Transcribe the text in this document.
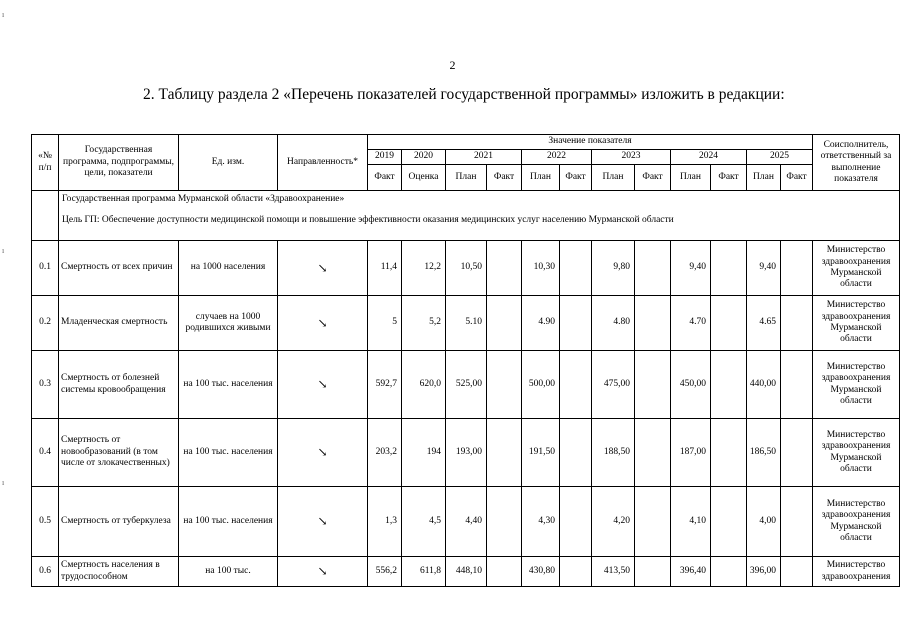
2
2. Таблицу раздела 2 «Перечень показателей государственной программы» изложить в редакции:
ı
ı
ı
«№ п/п	Государственная программа, подпрограммы, цели, показатели	Ед. изм.	Направленность*	Значение показателя												Соисполнитель, ответственный за выполнение показателя
				2019	2020	2021		2022		2023		2024		2025		
				Факт	Оценка	План	Факт	План	Факт	План	Факт	План	Факт	План	Факт	

	Государственная программа Мурманской области «Здравоохранение»
Цель ГП: Обеспечение доступности медицинской помощи и повышение эффективности оказания медицинских услуг населению Мурманской области															

0.1	Смертность от всех причин	на 1000 населения	↘	11,4	12,2	10,50		10,30		9,80		9,40		9,40		Министерство здравоохранения Мурманской области
0.2	Младенческая смертность	случаев на 1000 родившихся живыми	↘	5	5,2	5.10		4.90		4.80		4.70		4.65		Министерство здравоохранения Мурманской области
0.3	Смертность от болезней системы кровообращения	на 100 тыс. населения	↘	592,7	620,0	525,00		500,00		475,00		450,00		440,00		Министерство здравоохранения Мурманской области
0.4	Смертность от новообразований (в том числе от злокачественных)	на 100 тыс. населения	↘	203,2	194	193,00		191,50		188,50		187,00		186,50		Министерство здравоохранения Мурманской области
0.5	Смертность от туберкулеза	на 100 тыс. населения	↘	1,3	4,5	4,40		4,30		4,20		4,10		4,00		Министерство здравоохранения Мурманской области
0.6	Смертность населения в трудоспособном	на 100 тыс.	↘	556,2	611,8	448,10		430,80		413,50		396,40		396,00		Министерство здравоохранения
